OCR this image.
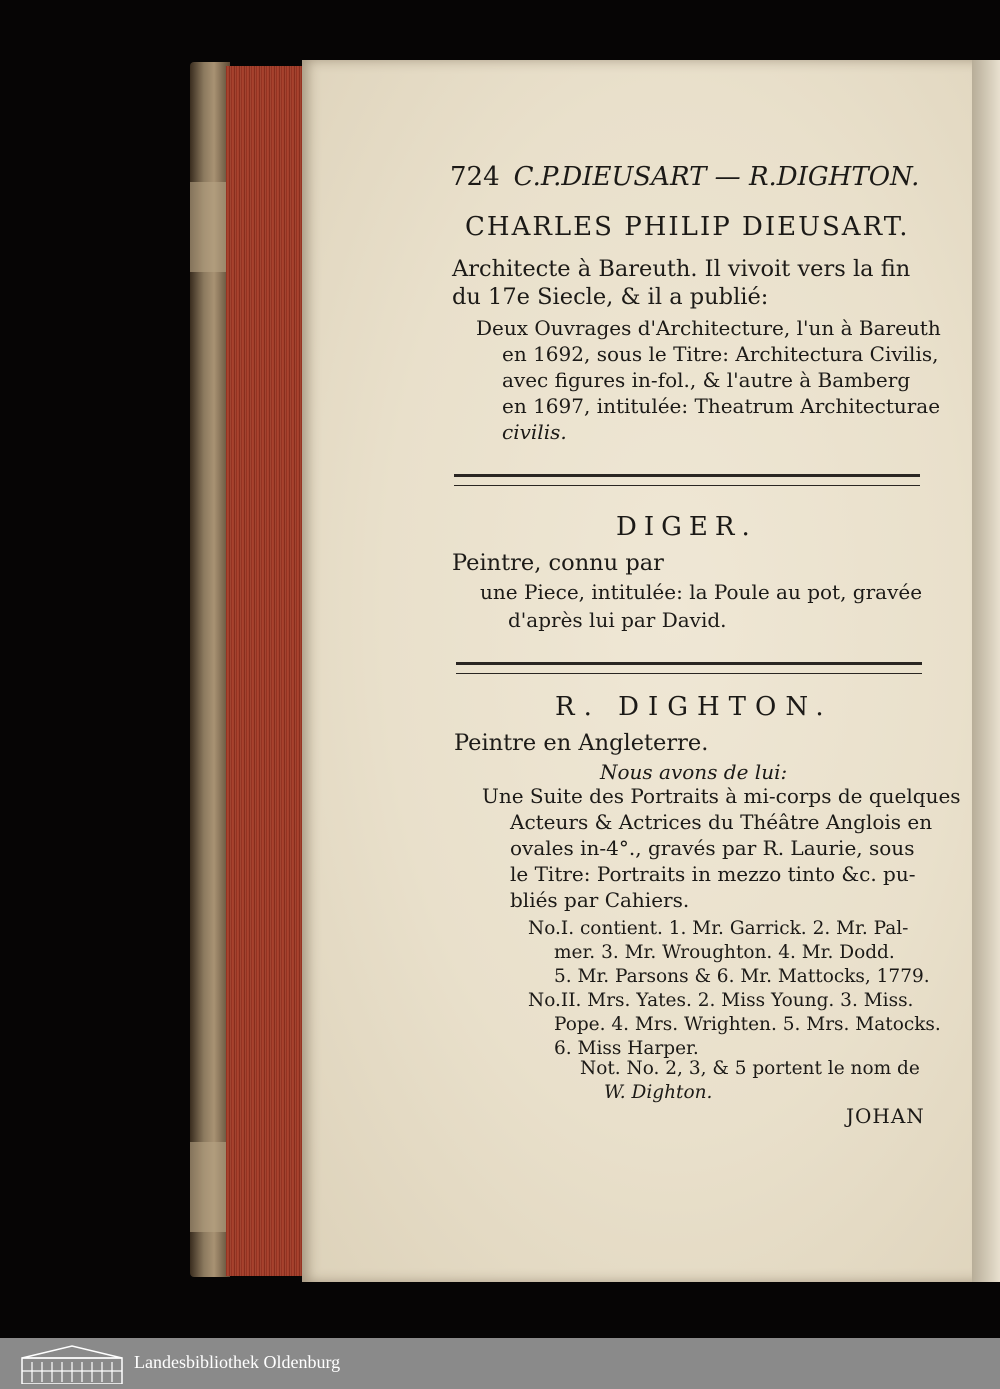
724 C.P.DIEUSART — R.DIGHTON.
CHARLES PHILIP DIEUSART.
Architecte à Bareuth. Il vivoit vers la fin
du 17e Siecle, & il a publié:
Deux Ouvrages d'Architecture, l'un à Bareuth
en 1692, sous le Titre: Architectura Civilis,
avec figures in-fol., & l'autre à Bamberg
en 1697, intitulée: Theatrum Architecturae
civilis.
DIGER.
Peintre, connu par
une Piece, intitulée: la Poule au pot, gravée
d'après lui par David.
R. DIGHTON.
Peintre en Angleterre.
Nous avons de lui:
Une Suite des Portraits à mi-corps de quelques
Acteurs & Actrices du Théâtre Anglois en
ovales in-4°., gravés par R. Laurie, sous
le Titre: Portraits in mezzo tinto &c. pu-
bliés par Cahiers.
No.I. contient. 1. Mr. Garrick. 2. Mr. Pal-
mer. 3. Mr. Wroughton. 4. Mr. Dodd.
5. Mr. Parsons & 6. Mr. Mattocks, 1779.
No.II. Mrs. Yates. 2. Miss Young. 3. Miss.
Pope. 4. Mrs. Wrighten. 5. Mrs. Matocks.
6. Miss Harper.
Not. No. 2, 3, & 5 portent le nom de
W. Dighton.
JOHAN
Landesbibliothek Oldenburg
